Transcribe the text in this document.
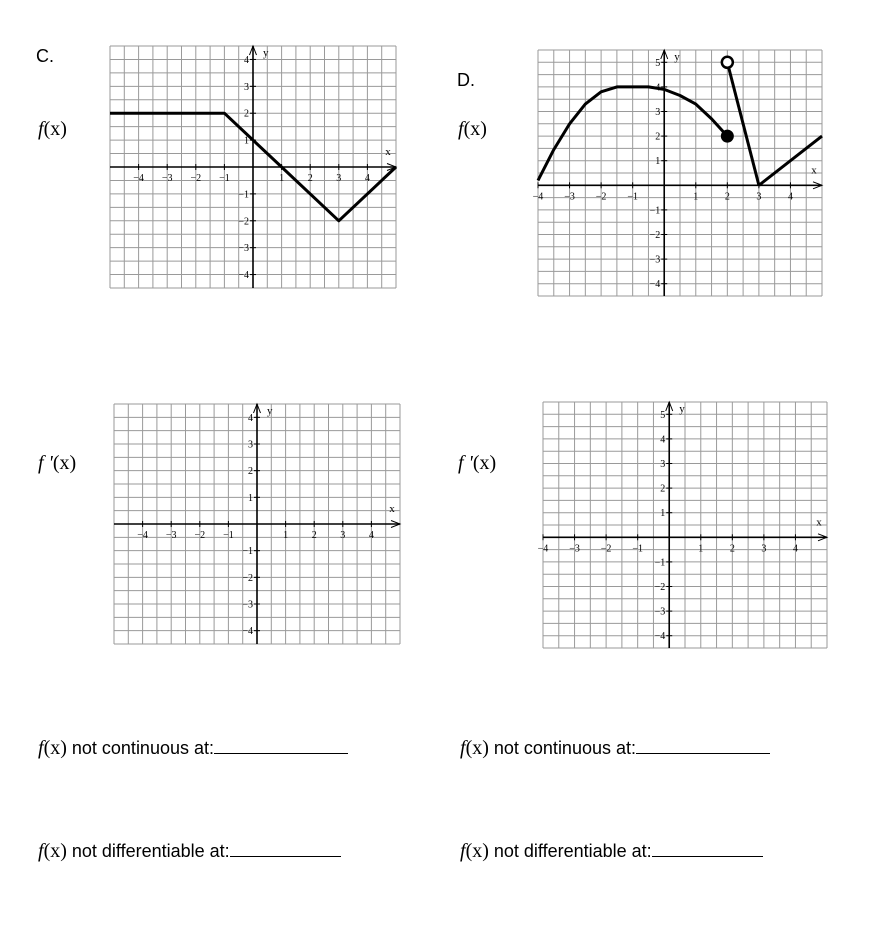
C.
D.
f(x)	f(x)
f '(x)	f '(x)
x
y
−4 −3 −2 −1	1 2 3 4
4
3
2
1
−1
−2
−3
−4
x
y
−4 −3 −2 −1	1	2	3	4
5
4
3
2
1
−1
−2
−3
−4
x
y
−4 −3 −2 −1	1 2 3 4
4
3
2
1
−1
−2
−3
−4
x
y
−4 −3 −2 −1	1	2	3	4
5
4
3
2
1
−1
−2
−3
−4
f(x) not continuous at:
f(x) not differentiable at:
f(x) not continuous at:
f(x) not differentiable at:
